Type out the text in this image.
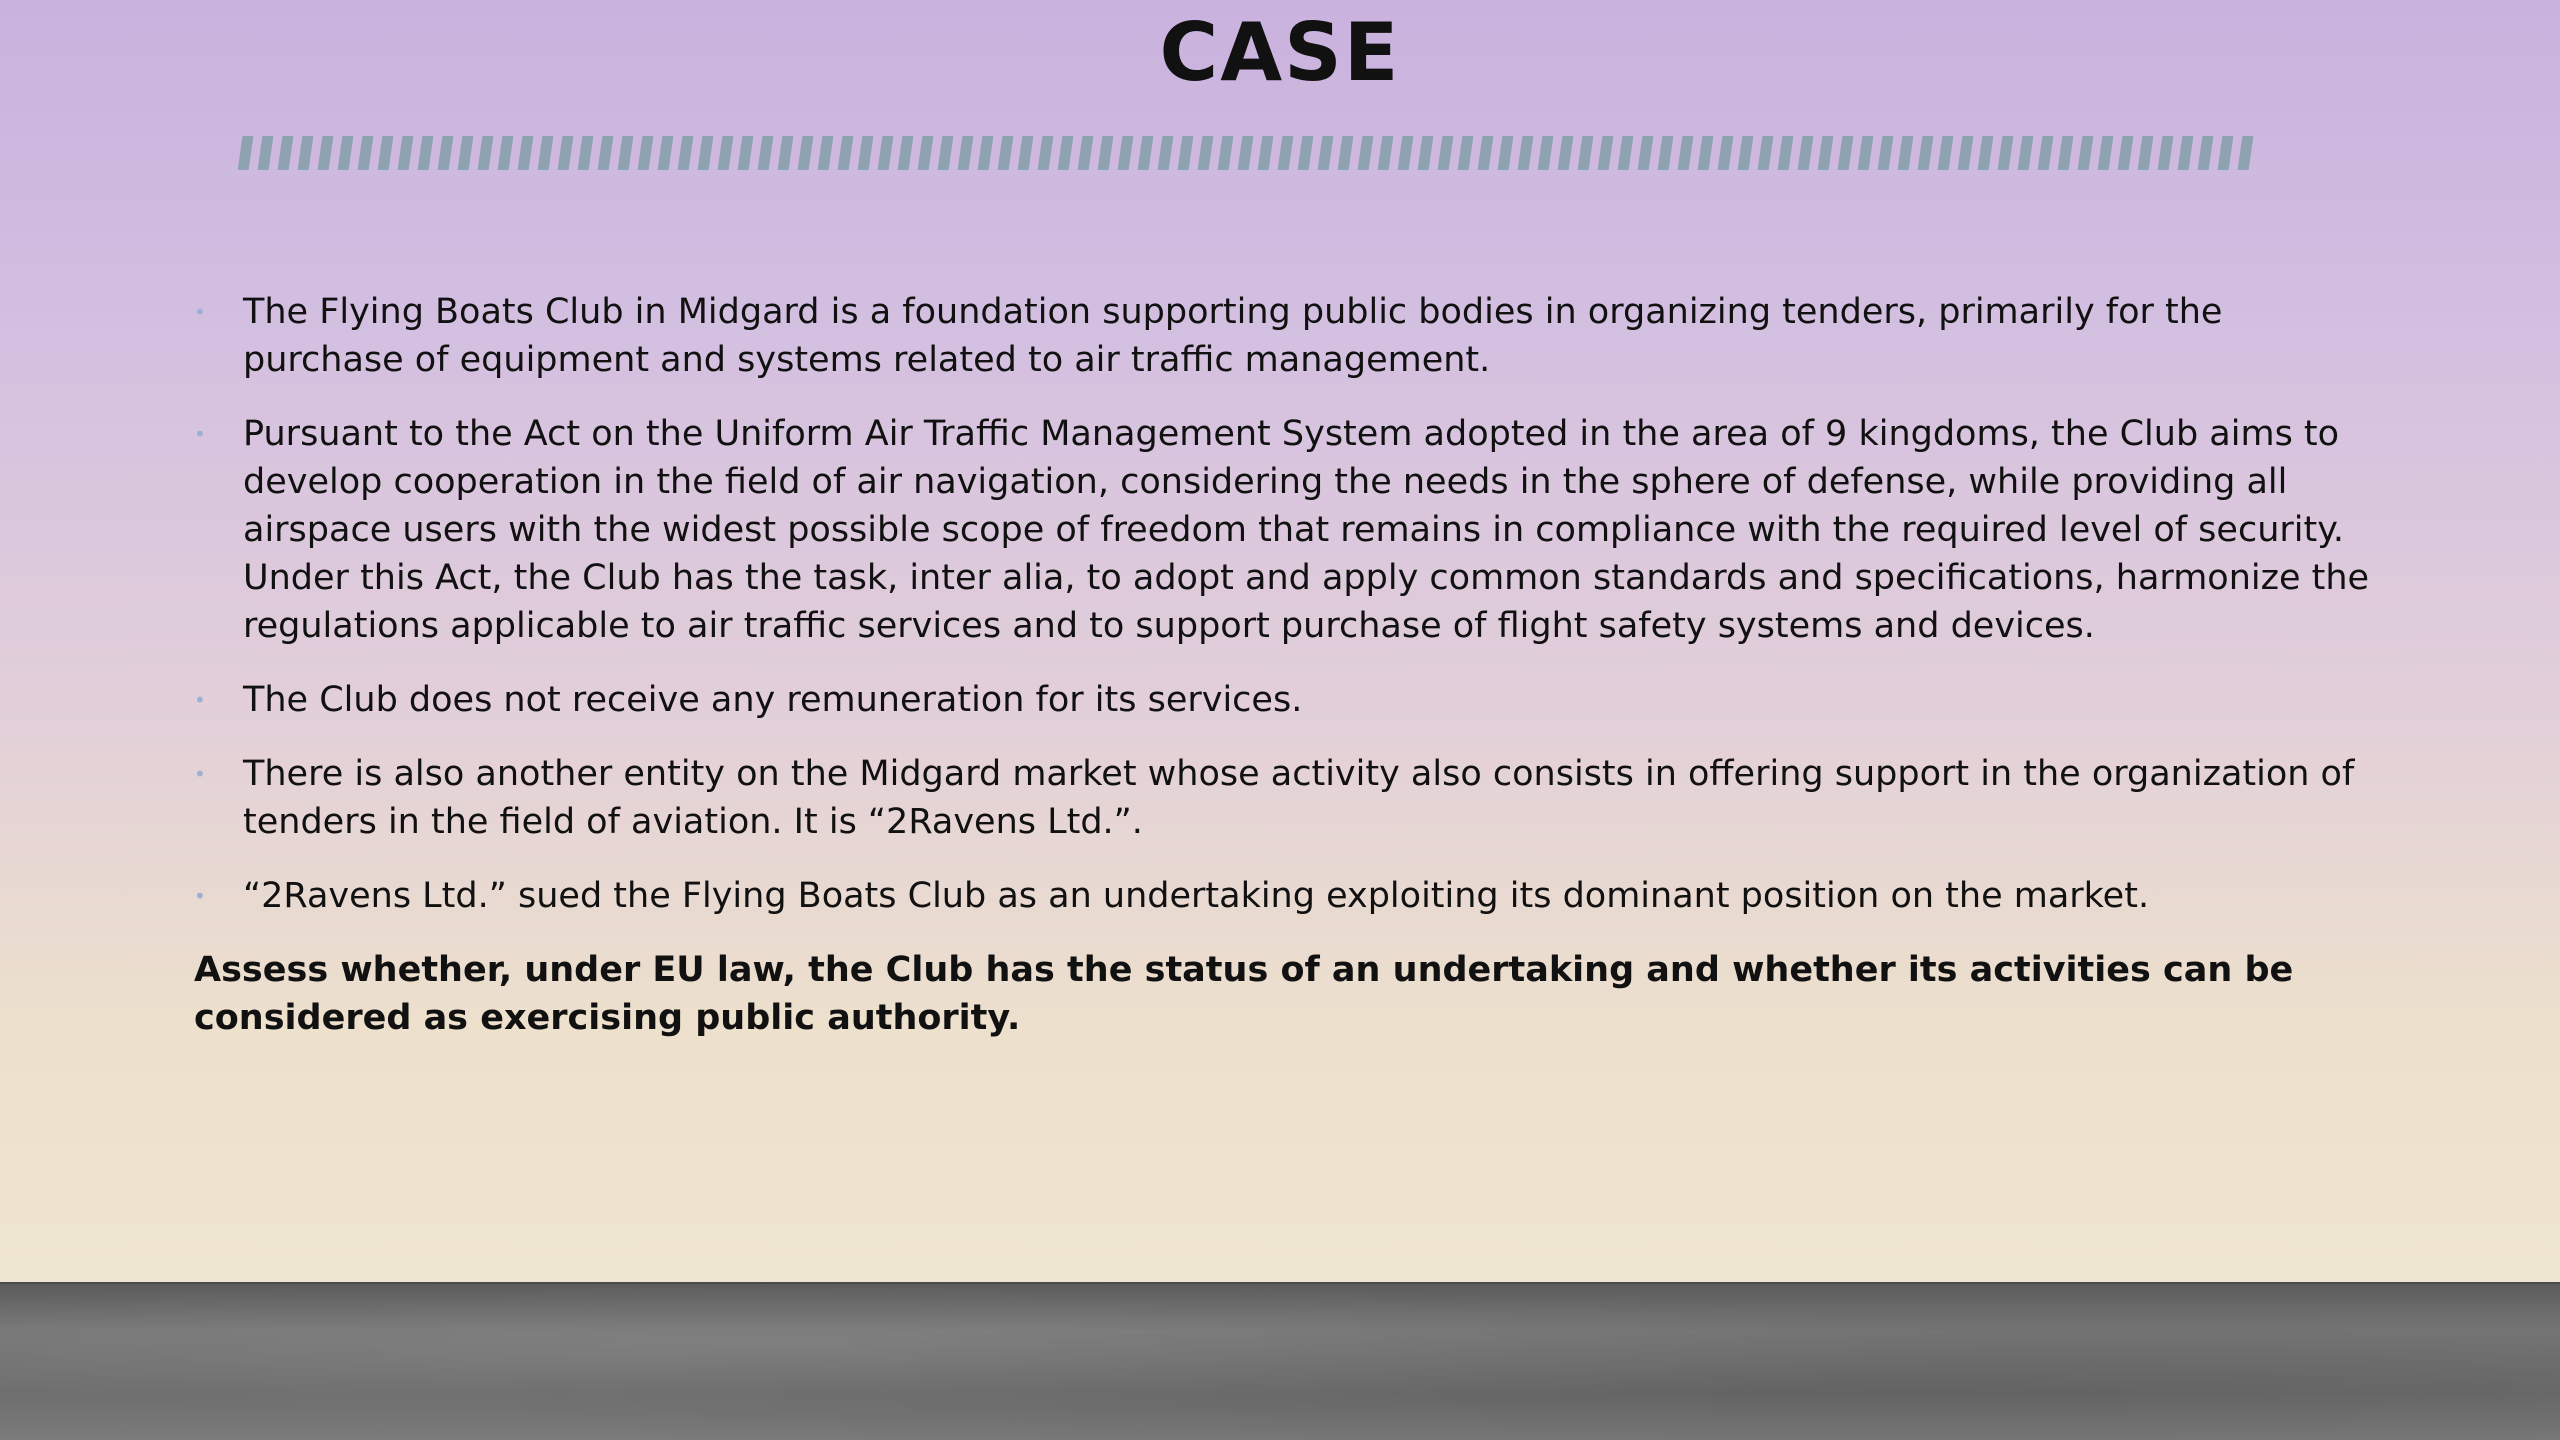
CASE
• The Flying Boats Club in Midgard is a foundation supporting public bodies in organizing tenders, primarily for the purchase of equipment and systems related to air traffic management.
• Pursuant to the Act on the Uniform Air Traffic Management System adopted in the area of 9 kingdoms, the Club aims to develop cooperation in the field of air navigation, considering the needs in the sphere of defense, while providing all airspace users with the widest possible scope of freedom that remains in compliance with the required level of security. Under this Act, the Club has the task, inter alia, to adopt and apply common standards and specifications, harmonize the regulations applicable to air traffic services and to support purchase of flight safety systems and devices.
• The Club does not receive any remuneration for its services.
• There is also another entity on the Midgard market whose activity also consists in offering support in the organization of tenders in the field of aviation. It is “2Ravens Ltd.”.
• “2Ravens Ltd.” sued the Flying Boats Club as an undertaking exploiting its dominant position on the market.
Assess whether, under EU law, the Club has the status of an undertaking and whether its activities can be considered as exercising public authority.
